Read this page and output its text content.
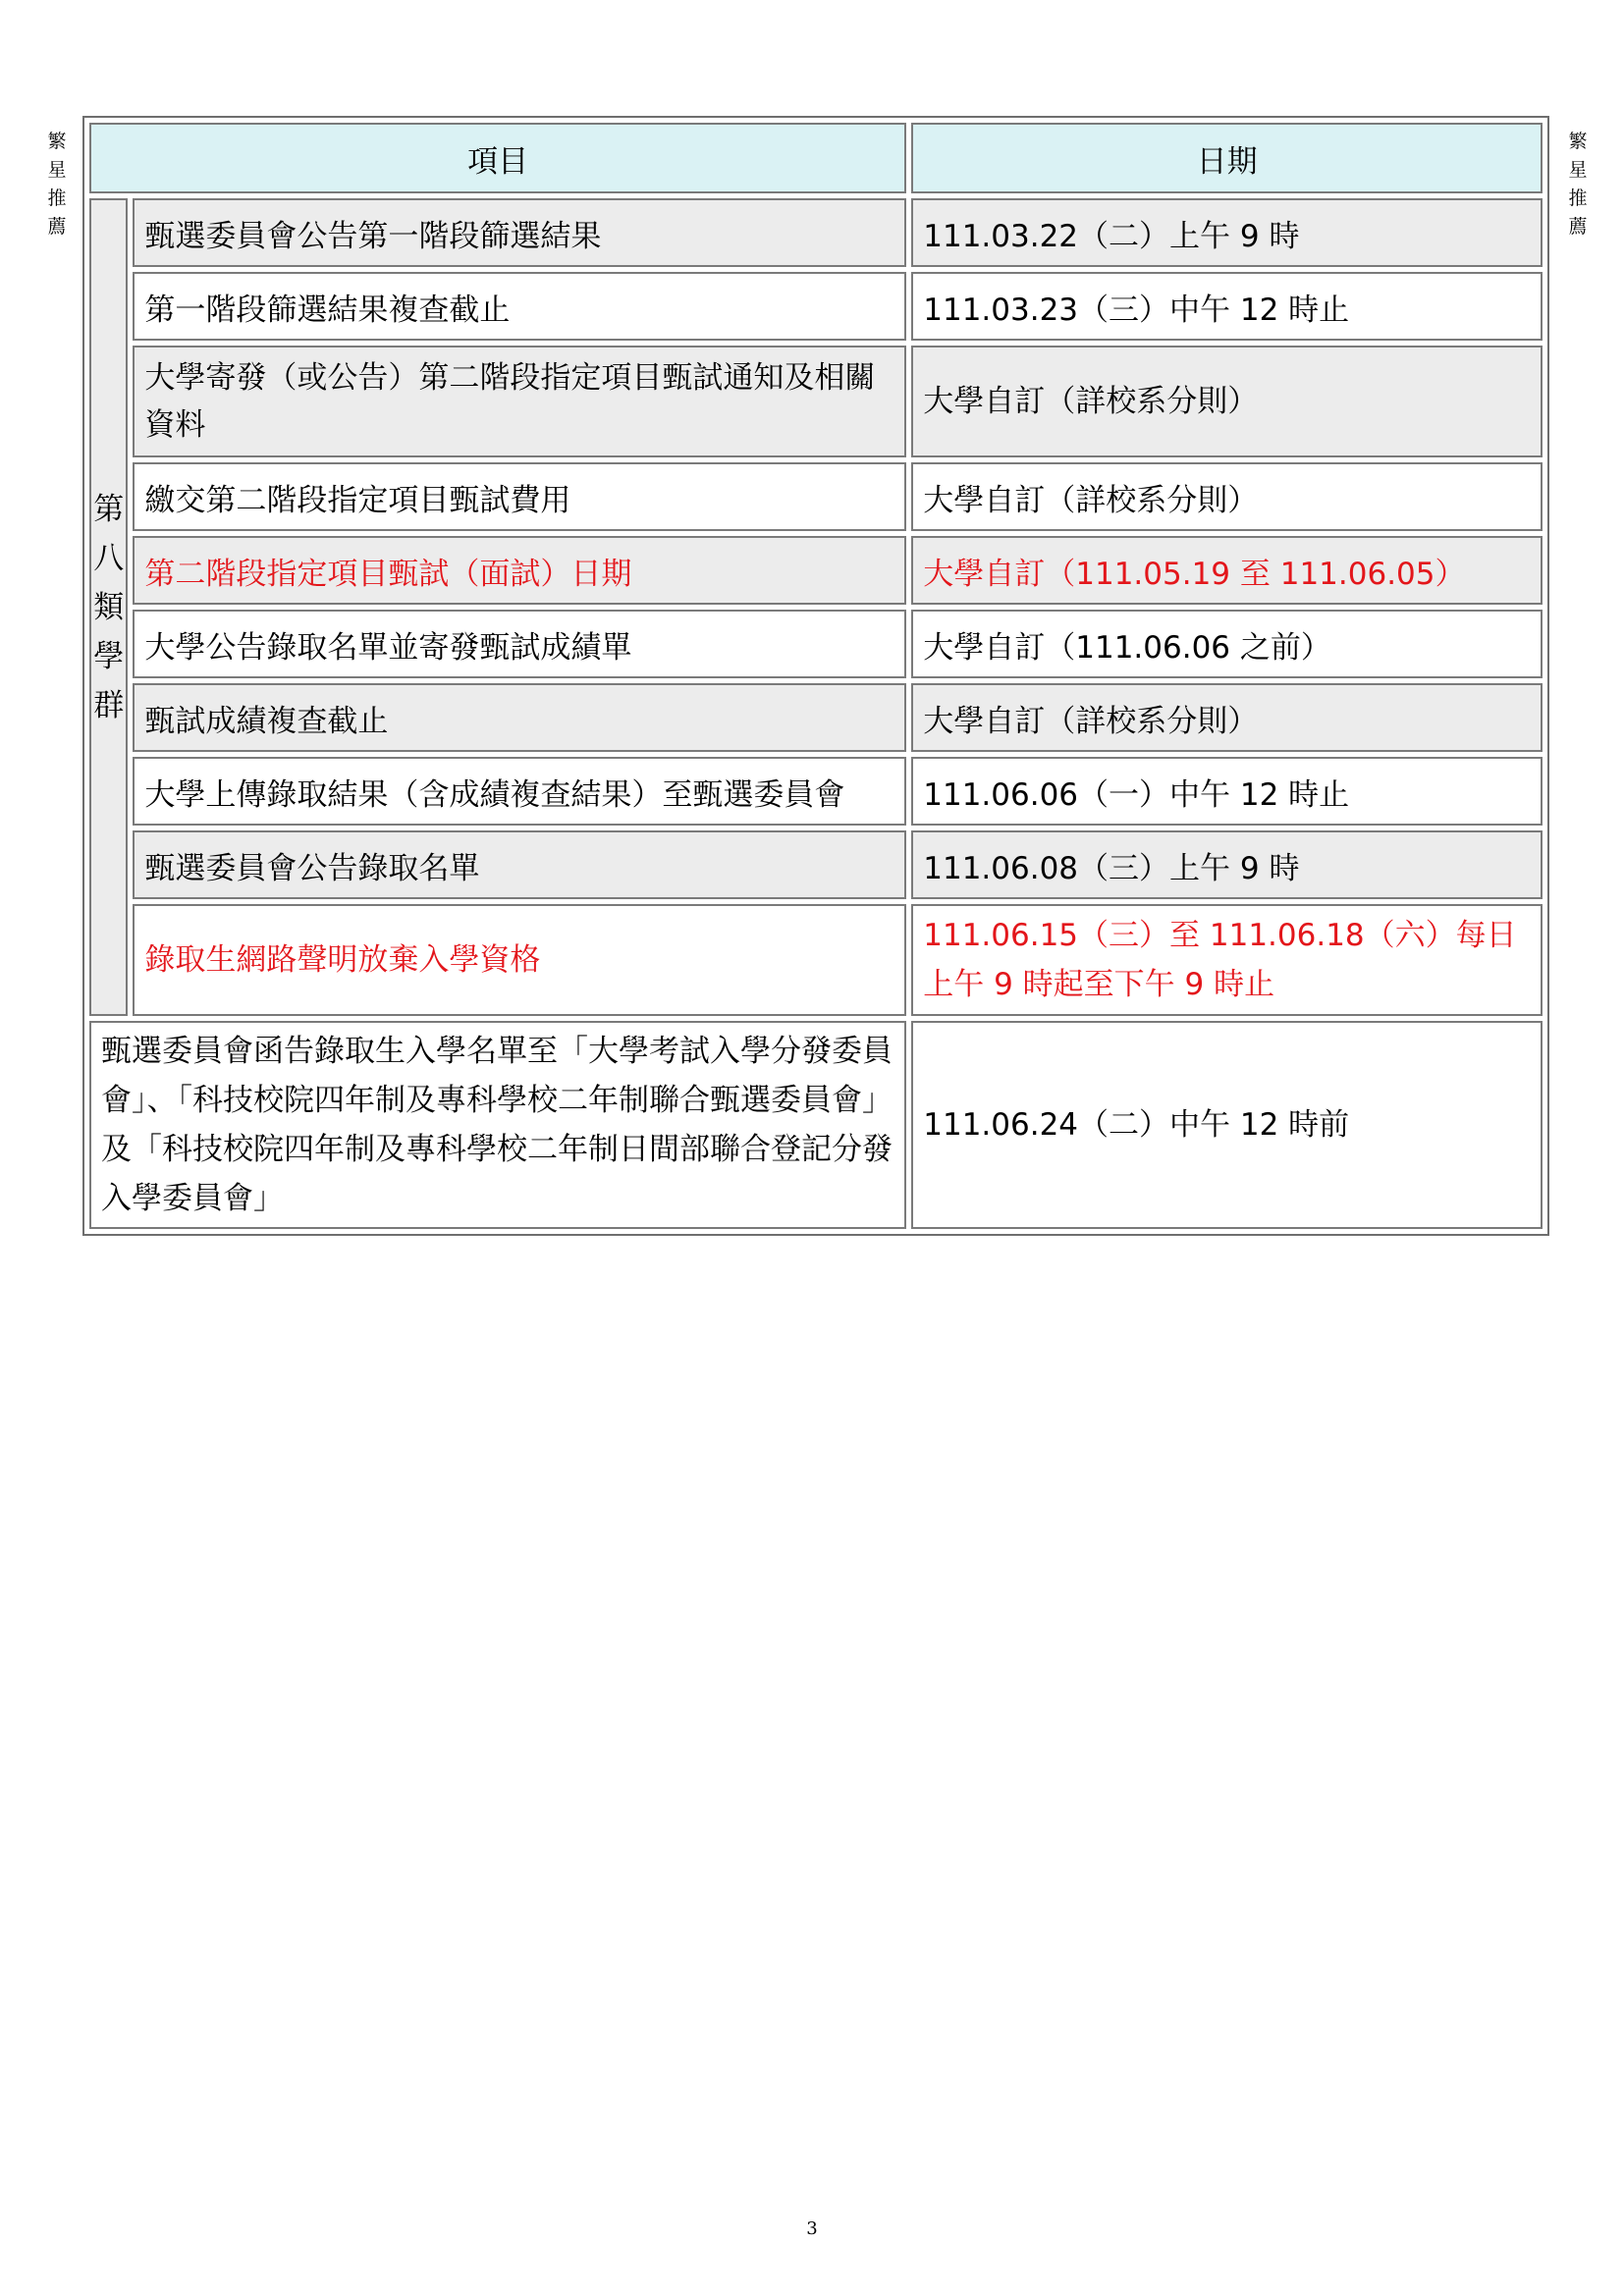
繁
星
推
薦
繁
星
推
薦
項目		日期

第
八
類
學
群	甄選委員會公告第一階段篩選結果	111.03.22（二）上午 9 時
	第一階段篩選結果複查截止	111.03.23（三）中午 12 時止
	大學寄發（或公告）第二階段指定項目甄試通知及相關資料	大學自訂（詳校系分則）
	繳交第二階段指定項目甄試費用	大學自訂（詳校系分則）
	第二階段指定項目甄試（面試）日期	大學自訂（111.05.19 至 111.06.05）
	大學公告錄取名單並寄發甄試成績單	大學自訂（111.06.06 之前）
	甄試成績複查截止	大學自訂（詳校系分則）
	大學上傳錄取結果（含成績複查結果）至甄選委員會	111.06.06（一）中午 12 時止
	甄選委員會公告錄取名單	111.06.08（三）上午 9 時
	錄取生網路聲明放棄入學資格	111.06.15（三）至 111.06.18（六）每日上午 9 時起至下午 9 時止
甄選委員會函告錄取生入學名單至「大學考試入學分發委員會」、「科技校院四年制及專科學校二年制聯合甄選委員會」及「科技校院四年制及專科學校二年制日間部聯合登記分發入學委員會」		111.06.24（二）中午 12 時前
3
